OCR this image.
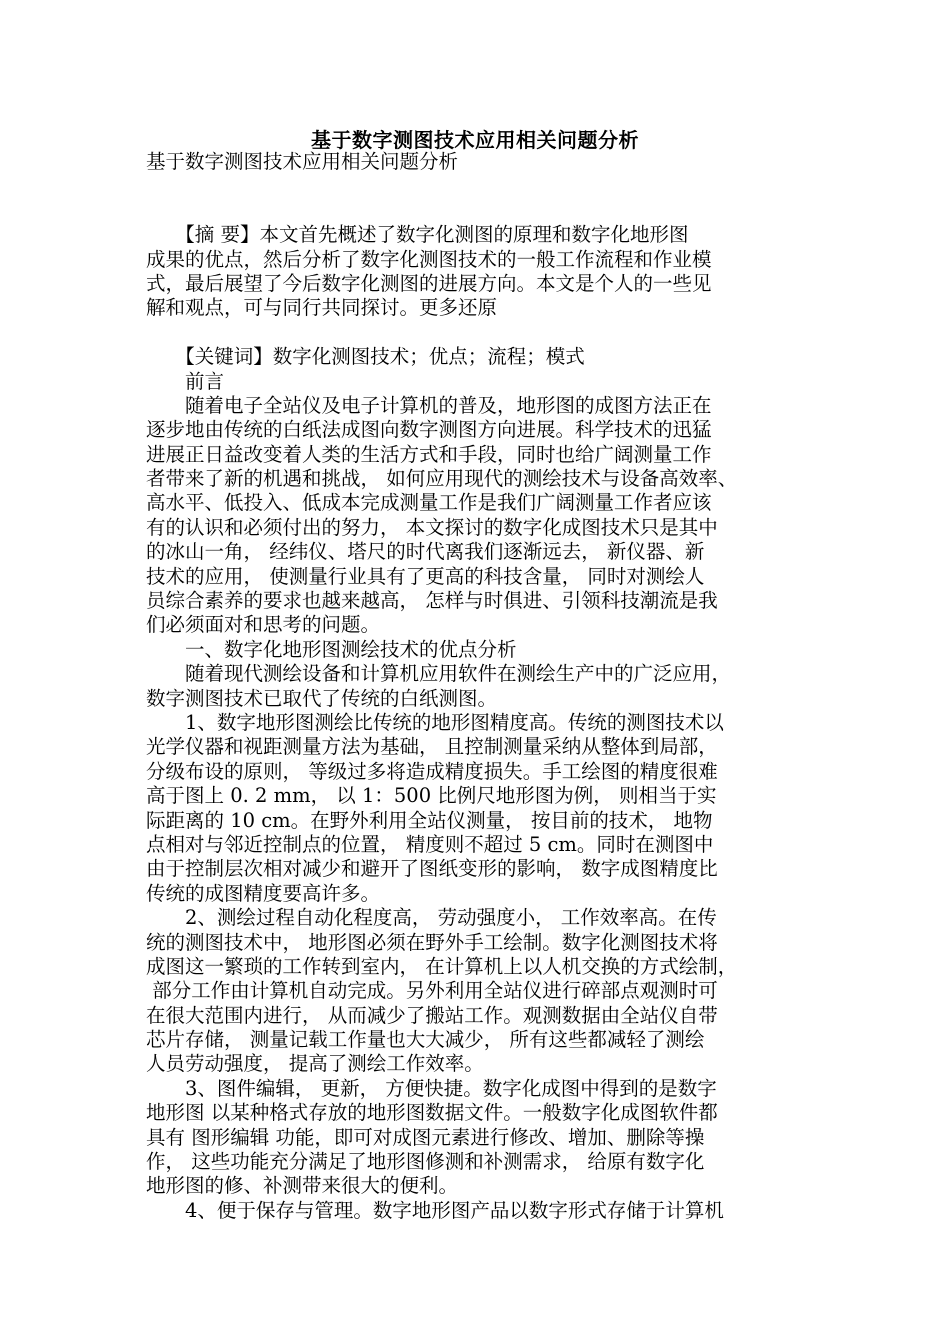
基于数字测图技术应用相关问题分析
基于数字测图技术应用相关问题分析
　　【摘 要】本文首先概述了数字化测图的原理和数字化地形图
成果的优点，然后分析了数字化测图技术的一般工作流程和作业模
式，最后展望了今后数字化测图的进展方向。本文是个人的一些见
解和观点，可与同行共同探讨。更多还原
　　【关键词】数字化测图技术；优点；流程；模式
　　前言
　　随着电子全站仪及电子计算机的普及，地形图的成图方法正在
逐步地由传统的白纸法成图向数字测图方向进展。科学技术的迅猛
进展正日益改变着人类的生活方式和手段，同时也给广阔测量工作
者带来了新的机遇和挑战， 如何应用现代的测绘技术与设备高效率、
高水平、低投入、低成本完成测量工作是我们广阔测量工作者应该
有的认识和必须付出的努力， 本文探讨的数字化成图技术只是其中
的冰山一角， 经纬仪、塔尺的时代离我们逐渐远去， 新仪器、新
技术的应用， 使测量行业具有了更高的科技含量， 同时对测绘人
员综合素养的要求也越来越高， 怎样与时俱进、引领科技潮流是我
们必须面对和思考的问题。
　　一、数字化地形图测绘技术的优点分析
　　随着现代测绘设备和计算机应用软件在测绘生产中的广泛应用，
数字测图技术已取代了传统的白纸测图。
　　1、数字地形图测绘比传统的地形图精度高。传统的测图技术以
光学仪器和视距测量方法为基础， 且控制测量采纳从整体到局部，
分级布设的原则， 等级过多将造成精度损失。手工绘图的精度很难
高于图上 0. 2 mm， 以 1：500 比例尺地形图为例， 则相当于实
际距离的 10 cm。在野外利用全站仪测量， 按目前的技术， 地物
点相对与邻近控制点的位置， 精度则不超过 5 cm。同时在测图中
由于控制层次相对减少和避开了图纸变形的影响， 数字成图精度比
传统的成图精度要高许多。
　　2、测绘过程自动化程度高， 劳动强度小， 工作效率高。在传
统的测图技术中， 地形图必须在野外手工绘制。数字化测图技术将
成图这一繁琐的工作转到室内， 在计算机上以人机交换的方式绘制，
部分工作由计算机自动完成。另外利用全站仪进行碎部点观测时可
在很大范围内进行， 从而减少了搬站工作。观测数据由全站仪自带
芯片存储， 测量记载工作量也大大减少， 所有这些都减轻了测绘
人员劳动强度， 提高了测绘工作效率。
　　3、图件编辑， 更新， 方便快捷。数字化成图中得到的是数字
地形图 以某种格式存放的地形图数据文件。一般数字化成图软件都
具有 图形编辑 功能，即可对成图元素进行修改、增加、删除等操
作， 这些功能充分满足了地形图修测和补测需求， 给原有数字化
地形图的修、补测带来很大的便利。
　　4、便于保存与管理。数字地形图产品以数字形式存储于计算机
